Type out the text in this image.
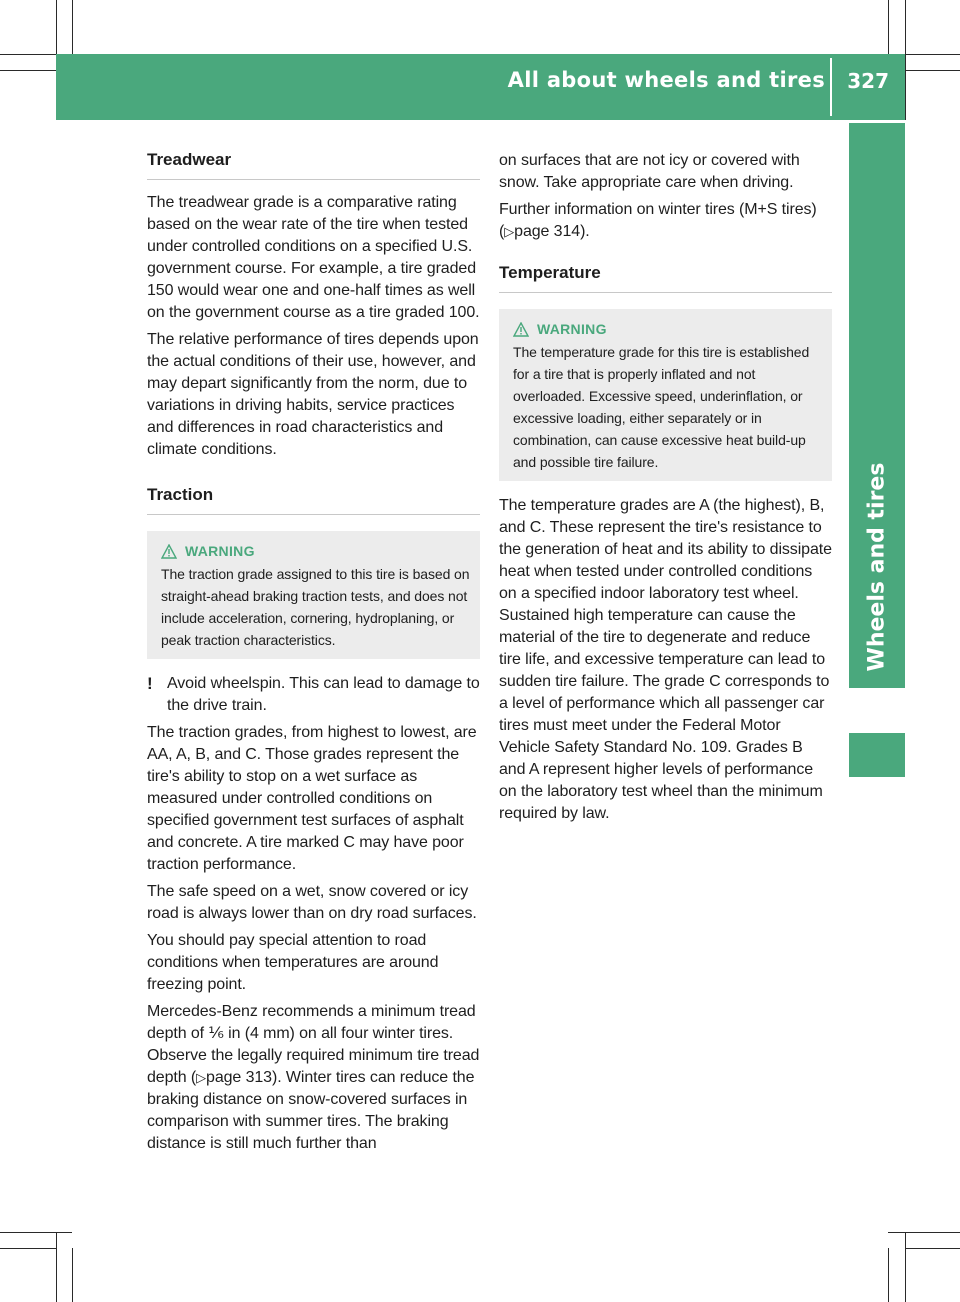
All about wheels and tires 327
Wheels and tires
Treadwear

The treadwear grade is a comparative rating based on the wear rate of the tire when tested under controlled conditions on a specified U.S. government course. For example, a tire graded 150 would wear one and one-half times as well on the government course as a tire graded 100.

The relative performance of tires depends upon the actual conditions of their use, however, and may depart significantly from the norm, due to variations in driving habits, service practices and differences in road characteristics and climate conditions.

Traction
WARNING

The traction grade assigned to this tire is based on straight-ahead braking traction tests, and does not include acceleration, cornering, hydroplaning, or peak traction characteristics.

! Avoid wheelspin. This can lead to damage to the drive train.

The traction grades, from highest to lowest, are AA, A, B, and C. Those grades represent the tire's ability to stop on a wet surface as measured under controlled conditions on specified government test surfaces of asphalt and concrete. A tire marked C may have poor traction performance.

The safe speed on a wet, snow covered or icy road is always lower than on dry road surfaces.

You should pay special attention to road conditions when temperatures are around freezing point.

Mercedes-Benz recommends a minimum tread depth of ⅙ in (4 mm) on all four winter tires. Observe the legally required minimum tire tread depth (▷page 313). Winter tires can reduce the braking distance on snow-covered surfaces in comparison with summer tires. The braking distance is still much further than

on surfaces that are not icy or covered with snow. Take appropriate care when driving.

Further information on winter tires (M+S tires) (▷page 314).

Temperature
WARNING

The temperature grade for this tire is established for a tire that is properly inflated and not overloaded. Excessive speed, underinflation, or excessive loading, either separately or in combination, can cause excessive heat build-up and possible tire failure.

The temperature grades are A (the highest), B, and C. These represent the tire's resistance to the generation of heat and its ability to dissipate heat when tested under controlled conditions on a specified indoor laboratory test wheel. Sustained high temperature can cause the material of the tire to degenerate and reduce tire life, and excessive temperature can lead to sudden tire failure. The grade C corresponds to a level of performance which all passenger car tires must meet under the Federal Motor Vehicle Safety Standard No. 109. Grades B and A represent higher levels of performance on the laboratory test wheel than the minimum required by law.
